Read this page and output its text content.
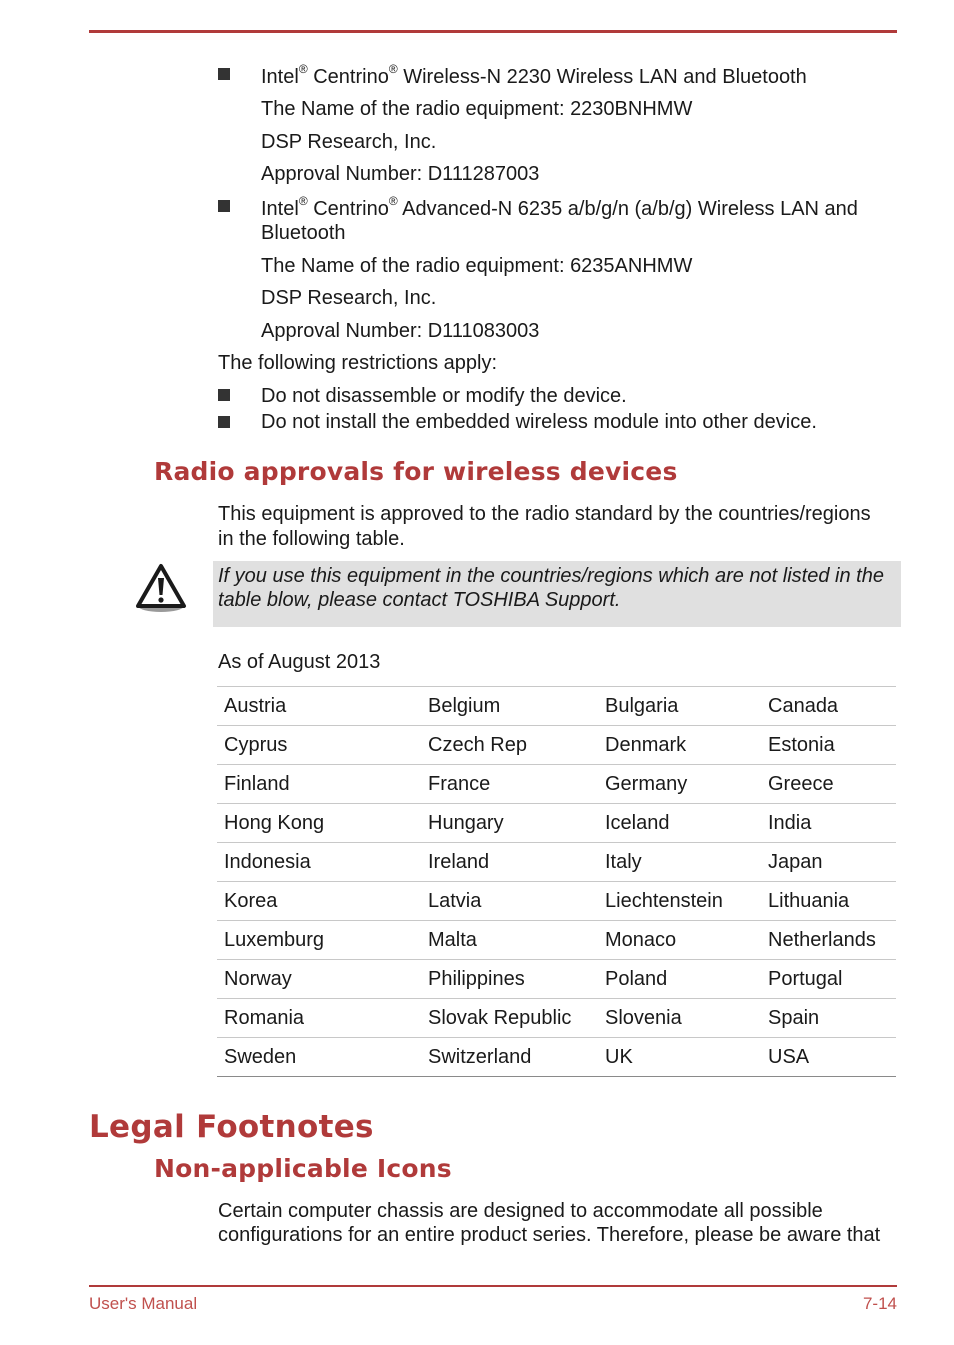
Intel® Centrino® Wireless-N 2230 Wireless LAN and Bluetooth
The Name of the radio equipment: 2230BNHMW
DSP Research, Inc.
Approval Number: D111287003
Intel® Centrino® Advanced-N 6235 a/b/g/n (a/b/g) Wireless LAN and
Bluetooth
The Name of the radio equipment: 6235ANHMW
DSP Research, Inc.
Approval Number: D111083003
The following restrictions apply:
Do not disassemble or modify the device.
Do not install the embedded wireless module into other device.
Radio approvals for wireless devices
This equipment is approved to the radio standard by the countries/regions
in the following table.
If you use this equipment in the countries/regions which are not listed in the
table blow, please contact TOSHIBA Support.
As of August 2013
Austria	Belgium	Bulgaria	Canada
Cyprus	Czech Rep	Denmark	Estonia
Finland	France	Germany	Greece
Hong Kong	Hungary	Iceland	India
Indonesia	Ireland	Italy	Japan
Korea	Latvia	Liechtenstein	Lithuania
Luxemburg	Malta	Monaco	Netherlands
Norway	Philippines	Poland	Portugal
Romania	Slovak Republic	Slovenia	Spain
Sweden	Switzerland	UK	USA
Legal Footnotes
Non-applicable Icons
Certain computer chassis are designed to accommodate all possible
configurations for an entire product series. Therefore, please be aware that
User's Manual	7-14
